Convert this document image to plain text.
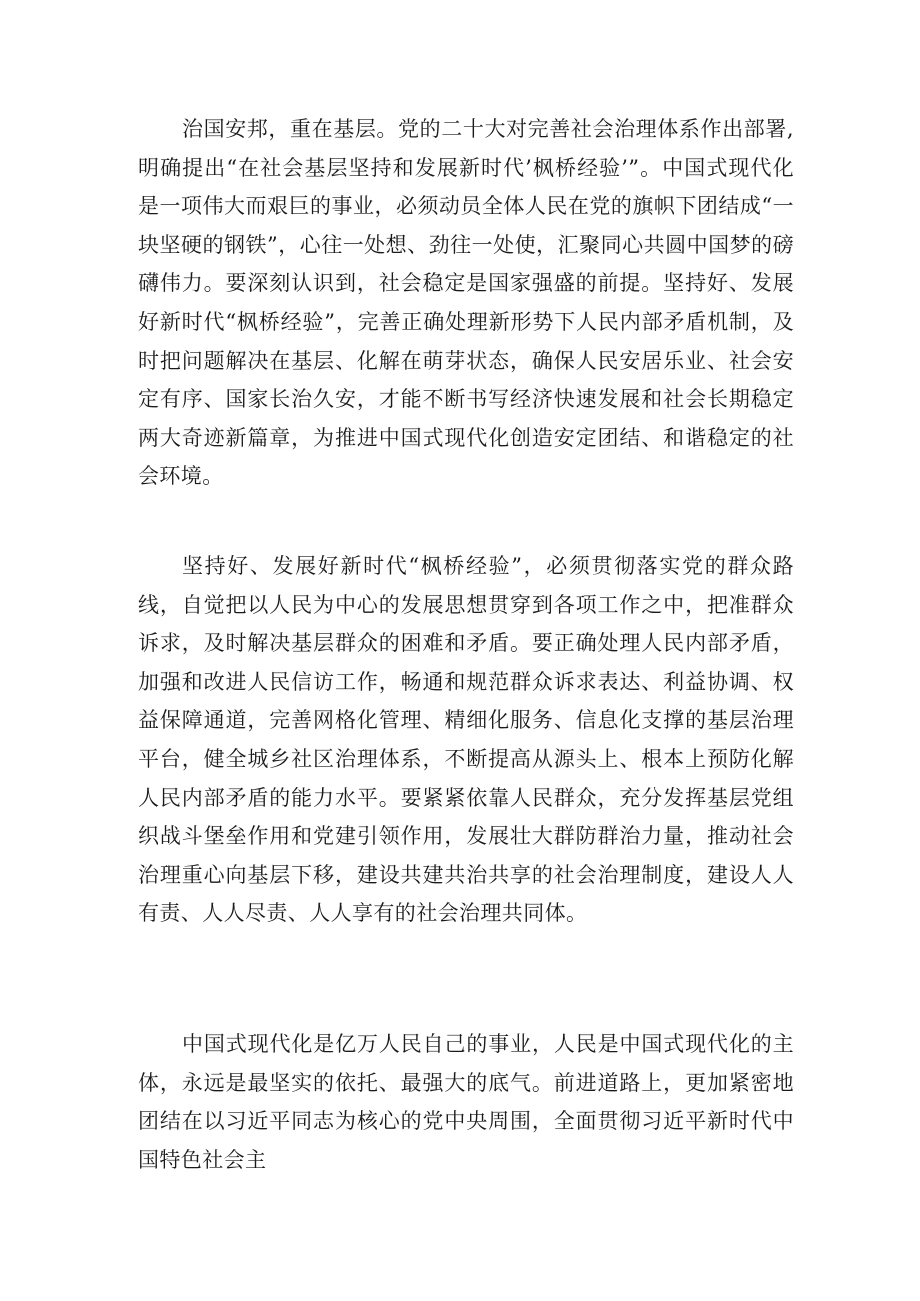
治国安邦，重在基层。党的二十大对完善社会治理体系作出部署,明确提出“在社会基层坚持和发展新时代’枫桥经验’”。中国式现代化是一项伟大而艰巨的事业，必须动员全体人民在党的旗帜下团结成“一块坚硬的钢铁”，心往一处想、劲往一处使，汇聚同心共圆中国梦的磅礴伟力。要深刻认识到，社会稳定是国家强盛的前提。坚持好、发展好新时代“枫桥经验”，完善正确处理新形势下人民内部矛盾机制，及时把问题解决在基层、化解在萌芽状态，确保人民安居乐业、社会安定有序、国家长治久安，才能不断书写经济快速发展和社会长期稳定两大奇迹新篇章，为推进中国式现代化创造安定团结、和谐稳定的社会环境。

坚持好、发展好新时代“枫桥经验”，必须贯彻落实党的群众路线，自觉把以人民为中心的发展思想贯穿到各项工作之中，把准群众诉求，及时解决基层群众的困难和矛盾。要正确处理人民内部矛盾，加强和改进人民信访工作，畅通和规范群众诉求表达、利益协调、权益保障通道，完善网格化管理、精细化服务、信息化支撑的基层治理平台，健全城乡社区治理体系，不断提高从源头上、根本上预防化解人民内部矛盾的能力水平。要紧紧依靠人民群众，充分发挥基层党组织战斗堡垒作用和党建引领作用，发展壮大群防群治力量，推动社会治理重心向基层下移，建设共建共治共享的社会治理制度，建设人人有责、人人尽责、人人享有的社会治理共同体。

中国式现代化是亿万人民自己的事业，人民是中国式现代化的主体，永远是最坚实的依托、最强大的底气。前进道路上，更加紧密地团结在以习近平同志为核心的党中央周围，全面贯彻习近平新时代中国特色社会主
